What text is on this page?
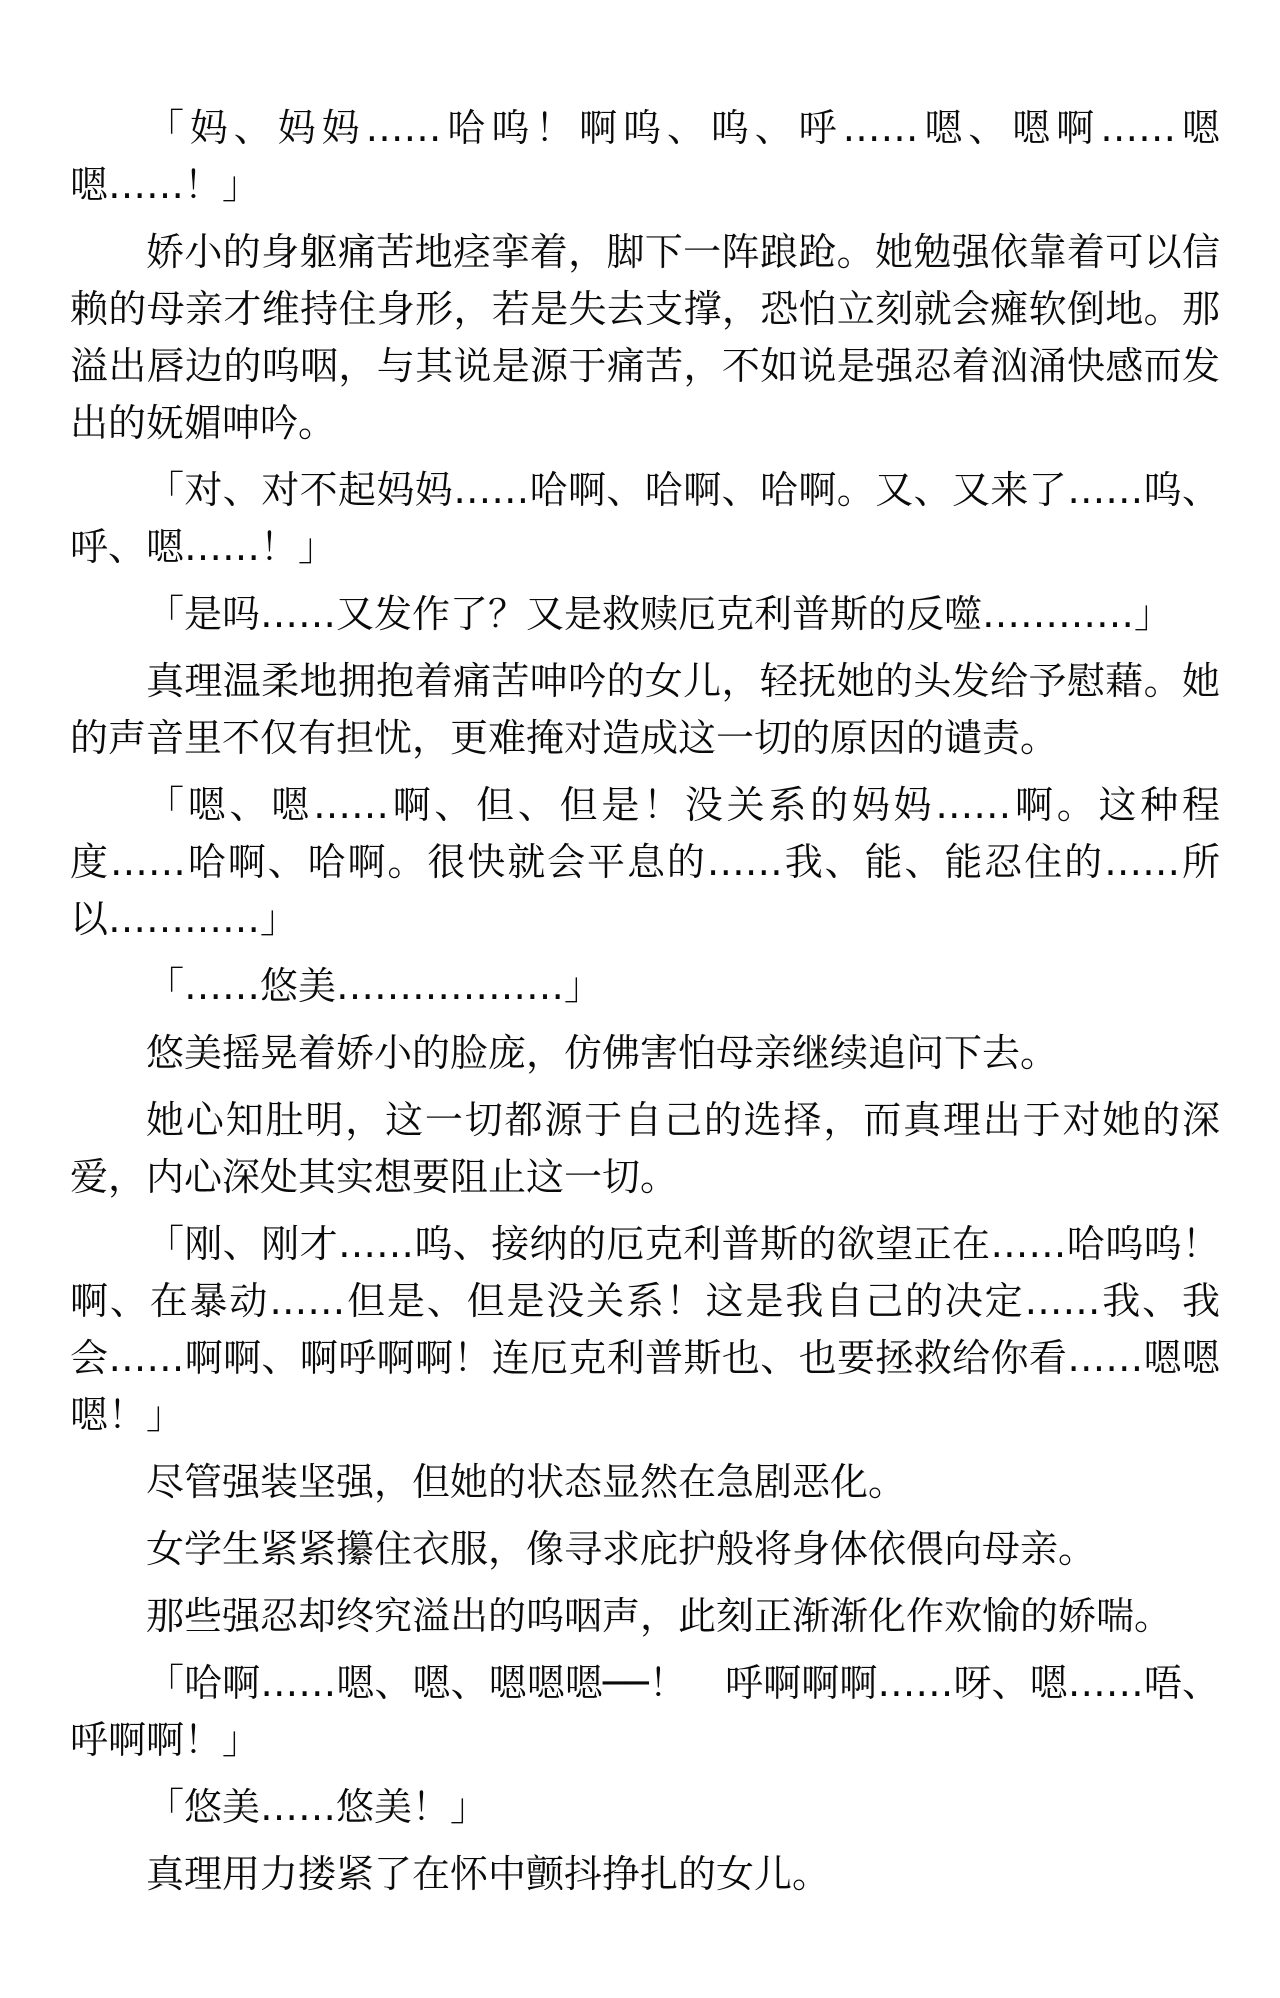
「妈、妈妈……哈呜！啊呜、呜、呼……嗯、嗯啊……嗯嗯……！」

娇小的身躯痛苦地痉挛着，脚下一阵踉跄。她勉强依靠着可以信赖的母亲才维持住身形，若是失去支撑，恐怕立刻就会瘫软倒地。那溢出唇边的呜咽，与其说是源于痛苦，不如说是强忍着汹涌快感而发出的妩媚呻吟。

「对、对不起妈妈……哈啊、哈啊、哈啊。又、又来了……呜、呼、嗯……！」

「是吗……又发作了？又是救赎厄克利普斯的反噬…………」

真理温柔地拥抱着痛苦呻吟的女儿，轻抚她的头发给予慰藉。她的声音里不仅有担忧，更难掩对造成这一切的原因的谴责。

「嗯、嗯……啊、但、但是！没关系的妈妈……啊。这种程度……哈啊、哈啊。很快就会平息的……我、能、能忍住的……所以…………」

「……悠美………………」

悠美摇晃着娇小的脸庞，仿佛害怕母亲继续追问下去。

她心知肚明，这一切都源于自己的选择，而真理出于对她的深爱，内心深处其实想要阻止这一切。

「刚、刚才……呜、接纳的厄克利普斯的欲望正在……哈呜呜！啊、在暴动……但是、但是没关系！这是我自己的决定……我、我会……啊啊、啊呼啊啊！连厄克利普斯也、也要拯救给你看……嗯嗯嗯！」

尽管强装坚强，但她的状态显然在急剧恶化。

女学生紧紧攥住衣服，像寻求庇护般将身体依偎向母亲。

那些强忍却终究溢出的呜咽声，此刻正渐渐化作欢愉的娇喘。

「哈啊……嗯、嗯、嗯嗯嗯──！　呼啊啊啊……呀、嗯……唔、呼啊啊！」

「悠美……悠美！」

真理用力搂紧了在怀中颤抖挣扎的女儿。
